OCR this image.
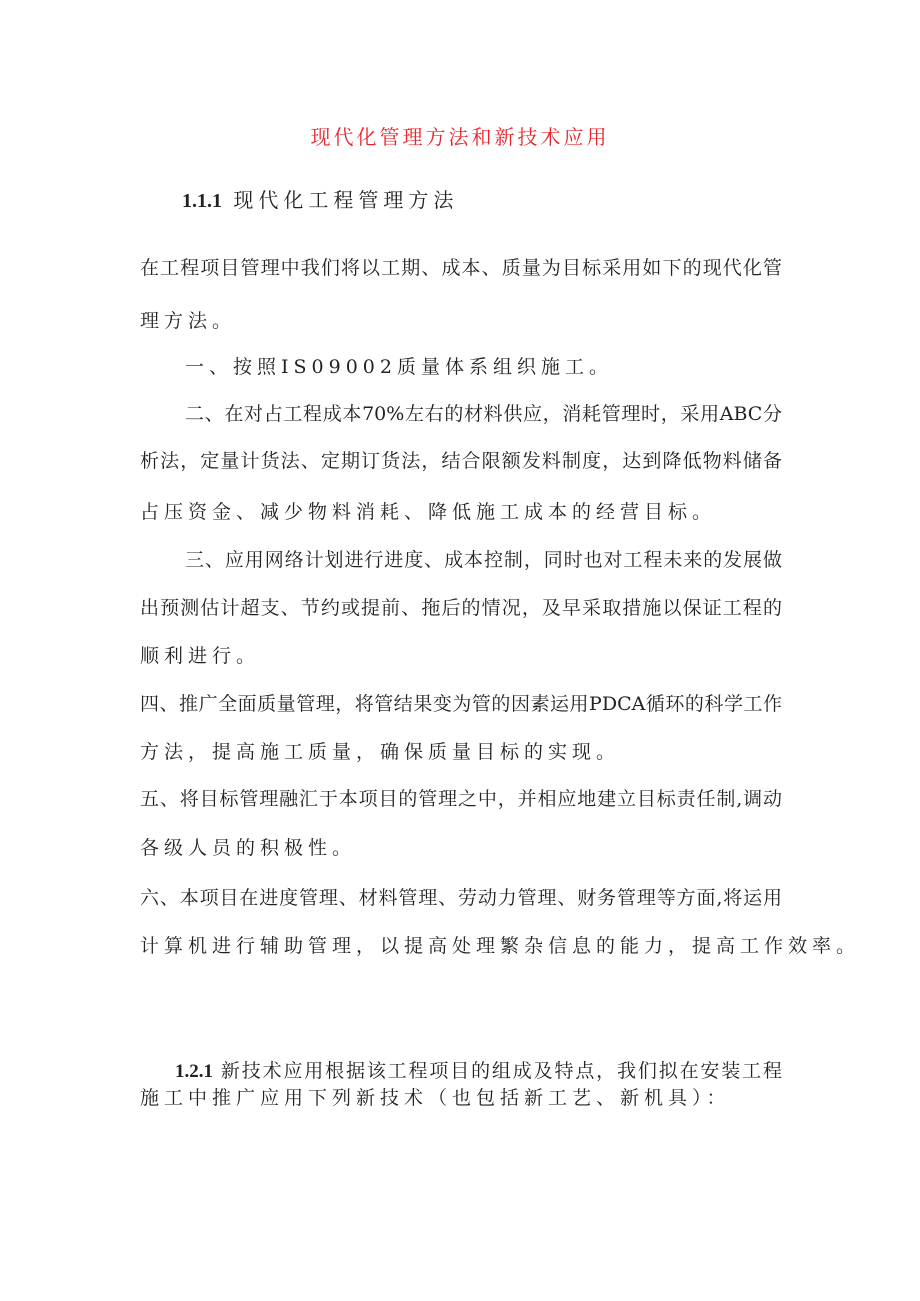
现代化管理方法和新技术应用
1.1.1 现代化工程管理方法
在工程项目管理中我们将以工期、成本、质量为目标采用如下的现代化管
理方法。
一、按照IS09002质量体系组织施工。
二、在对占工程成本70%左右的材料供应，消耗管理时，采用ABC分
析法，定量计货法、定期订货法，结合限额发料制度，达到降低物料储备
占压资金、减少物料消耗、降低施工成本的经营目标。
三、应用网络计划进行进度、成本控制，同时也对工程未来的发展做
出预测估计超支、节约或提前、拖后的情况，及早采取措施以保证工程的
顺利进行。
四、推广全面质量管理，将管结果变为管的因素运用PDCA循环的科学工作
方法，提高施工质量，确保质量目标的实现。
五、将目标管理融汇于本项目的管理之中，并相应地建立目标责任制,调动
各级人员的积极性。
六、本项目在进度管理、材料管理、劳动力管理、财务管理等方面,将运用
计算机进行辅助管理，以提高处理繁杂信息的能力，提高工作效率。
1.2.1 新技术应用根据该工程项目的组成及特点，我们拟在安装工程
施工中推广应用下列新技术（也包括新工艺、新机具）：
